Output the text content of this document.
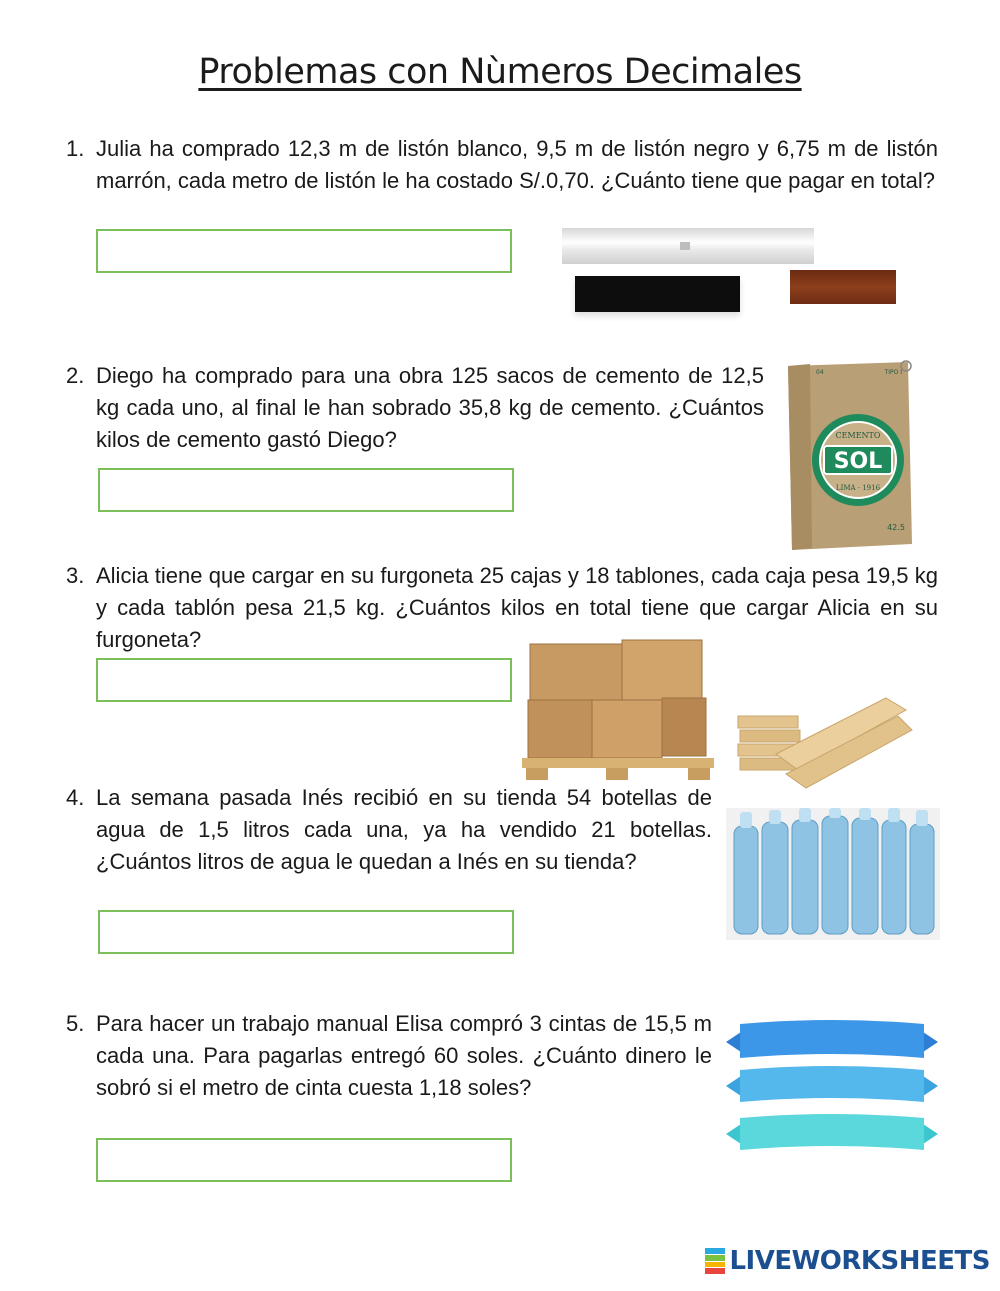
Problemas con Nùmeros Decimales
1. Julia ha comprado 12,3 m de listón blanco, 9,5 m de listón negro y 6,75 m de listón marrón, cada metro de listón le ha costado S/.0,70. ¿Cuánto tiene que pagar en total?
2. Diego ha comprado para una obra 125 sacos de cemento de 12,5 kg cada uno, al final le han sobrado 35,8 kg de cemento. ¿Cuántos kilos de cemento gastó Diego?
SOL
CEMENTO
LIMA · 1916
TIPO I
04
42.5
3. Alicia tiene que cargar en su furgoneta 25 cajas y 18 tablones, cada caja pesa 19,5 kg y cada tablón pesa 21,5 kg. ¿Cuántos kilos en total tiene que cargar Alicia en su furgoneta?
4. La semana pasada Inés recibió en su tienda 54 botellas de agua de 1,5 litros cada una, ya ha vendido 21 botellas. ¿Cuántos litros de agua le quedan a Inés en su tienda?
5. Para hacer un trabajo manual Elisa compró 3 cintas de 15,5 m cada una. Para pagarlas entregó 60 soles. ¿Cuánto dinero le sobró si el metro de cinta cuesta 1,18 soles?
LIVEWORKSHEETS
